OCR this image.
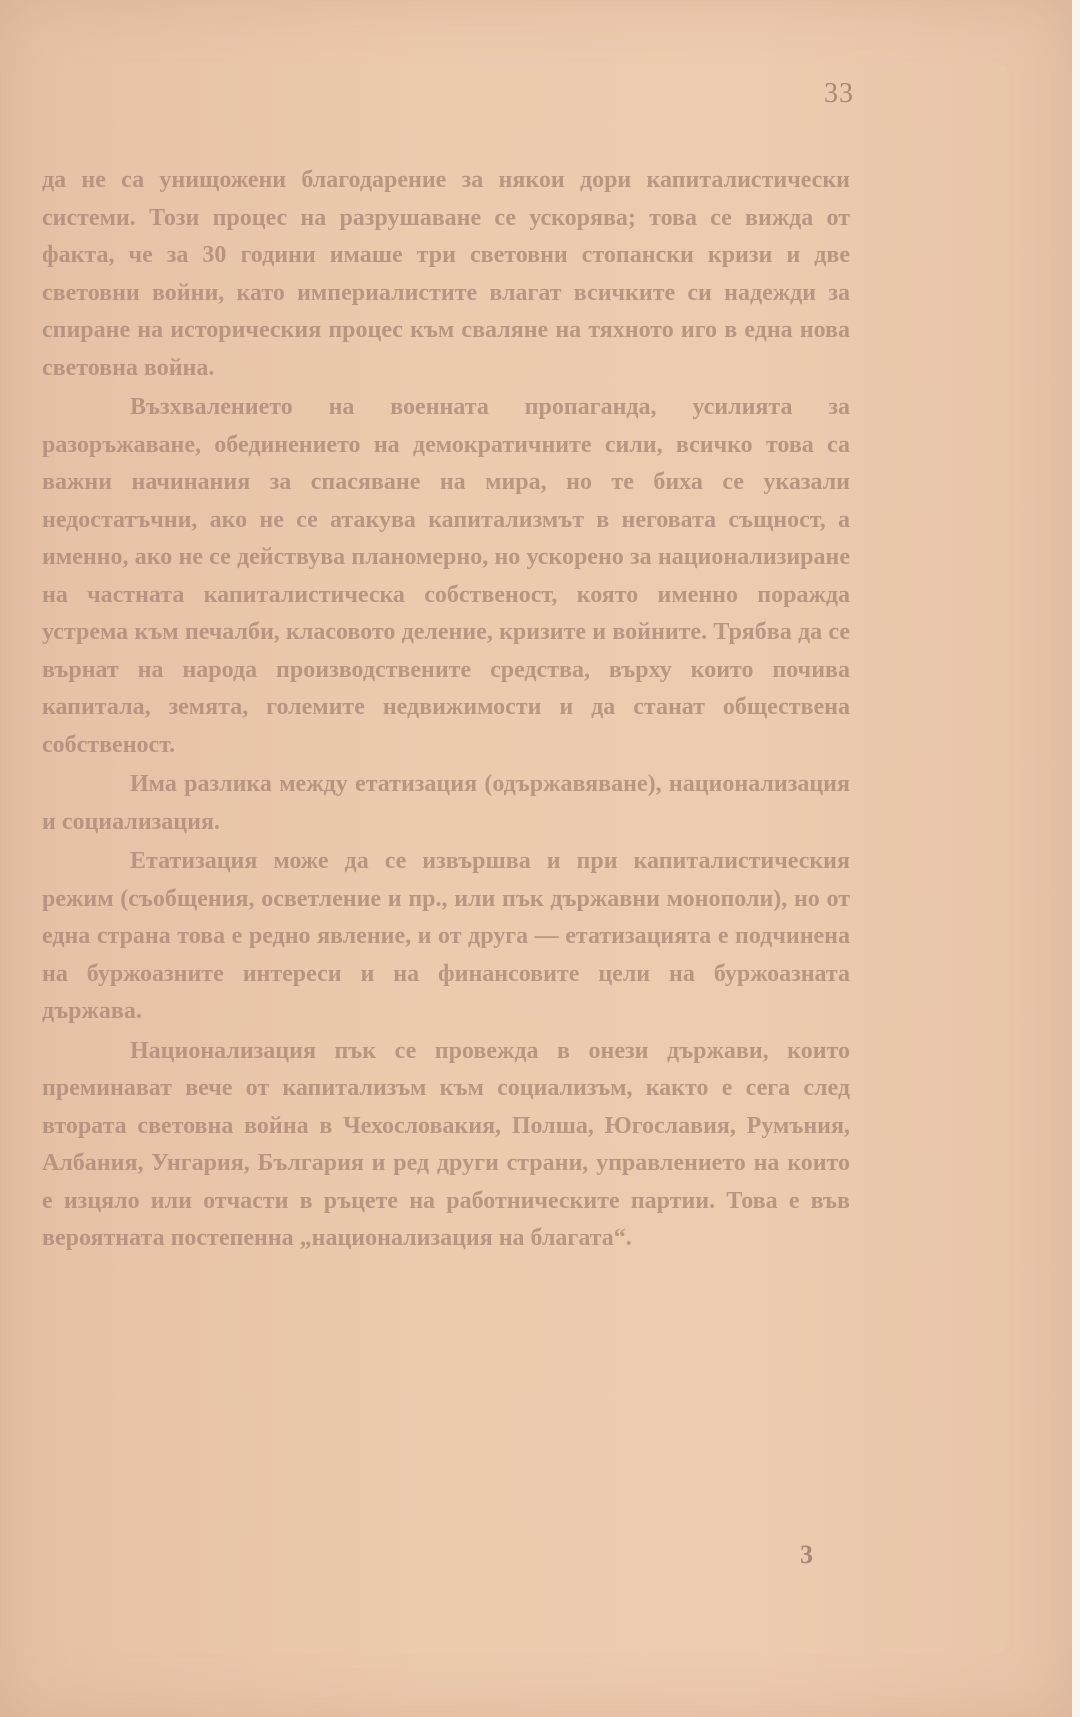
33

да не са унищожени благодарение за някои дори капиталистически системи. Този процес на разрушаване се ускорява; това се вижда от факта, че за 30 години имаше три световни стопански кризи и две световни войни, като империалистите влагат всичките си надежди за спиране на историческия процес към сваляне на тяхното иго в една нова световна война.

Възхвалението на военната пропаганда, усилията за разоръжаване, обединението на демократичните сили, всичко това са важни начинания за спасяване на мира, но те биха се указали недостатъчни, ако не се атакува капитализмът в неговата същност, а именно, ако не се действува планомерно, но ускорено за национализиране на частната капиталистическа собственост, която именно поражда устрема към печалби, класовото деление, кризите и войните. Трябва да се върнат на народа производствените средства, върху които почива капитала, земята, големите недвижимости и да станат обществена собственост.

Има разлика между етатизация (одържавяване), национализация и социализация.

Етатизация може да се извършва и при капиталистическия режим (съобщения, осветление и пр., или пък държавни монополи), но от една страна това е редно явление, и от друга — етатизацията е подчинена на буржоазните интереси и на финансовите цели на буржоазната държава.

Национализация пък се провежда в онези държави, които преминават вече от капитализъм към социализъм, както е сега след втората световна война в Чехословакия, Полша, Югославия, Румъния, Албания, Унгария, България и ред други страни, управлението на които е изцяло или отчасти в ръцете на работническите партии. Това е във вероятната постепенна „национализация на благата“.

3
